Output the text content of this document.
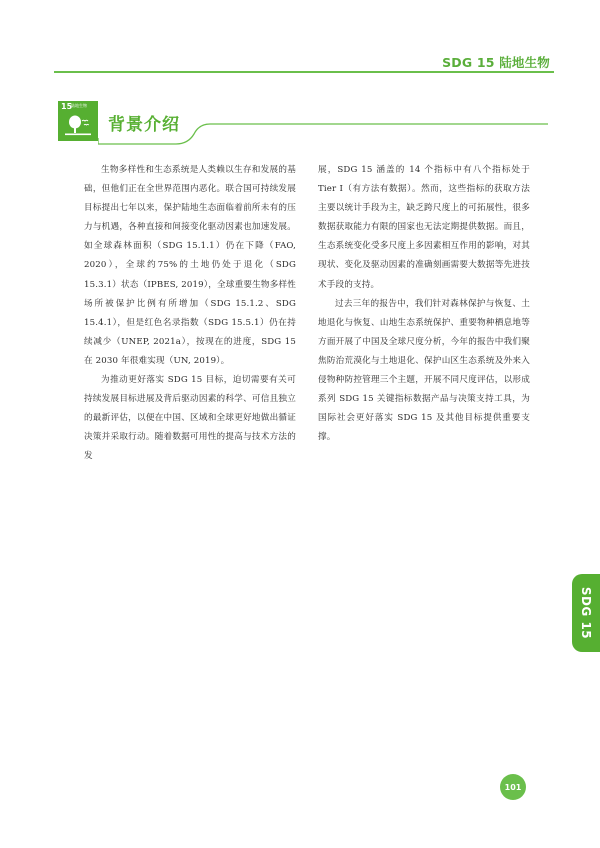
SDG 15 陆地生物
15
陆地生物
背景介绍

生物多样性和生态系统是人类赖以生存和发展的基础，但他们正在全世界范围内恶化。联合国可持续发展目标提出七年以来，保护陆地生态面临着前所未有的压力与机遇，各种直接和间接变化驱动因素也加速发展。如全球森林面积（SDG 15.1.1）仍在下降（FAO, 2020），全球约75%的土地仍处于退化（SDG 15.3.1）状态（IPBES, 2019），全球重要生物多样性场所被保护比例有所增加（SDG 15.1.2、SDG 15.4.1），但是红色名录指数（SDG 15.5.1）仍在持续减少（UNEP, 2021a），按现在的进度，SDG 15 在 2030 年很难实现（UN, 2019）。

为推动更好落实 SDG 15 目标，迫切需要有关可持续发展目标进展及背后驱动因素的科学、可信且独立的最新评估，以便在中国、区域和全球更好地做出循证决策并采取行动。随着数据可用性的提高与技术方法的发

展，SDG 15 涵盖的 14 个指标中有八个指标处于 Tier I（有方法有数据）。然而，这些指标的获取方法主要以统计手段为主，缺乏跨尺度上的可拓展性，很多数据获取能力有限的国家也无法定期提供数据。而且，生态系统变化受多尺度上多因素相互作用的影响，对其现状、变化及驱动因素的准确刻画需要大数据等先进技术手段的支持。

过去三年的报告中，我们针对森林保护与恢复、土地退化与恢复、山地生态系统保护、重要物种栖息地等方面开展了中国及全球尺度分析，今年的报告中我们聚焦防治荒漠化与土地退化、保护山区生态系统及外来入侵物种防控管理三个主题，开展不同尺度评估，以形成系列 SDG 15 关键指标数据产品与决策支持工具，为国际社会更好落实 SDG 15 及其他目标提供重要支撑。

SDG 15
101
